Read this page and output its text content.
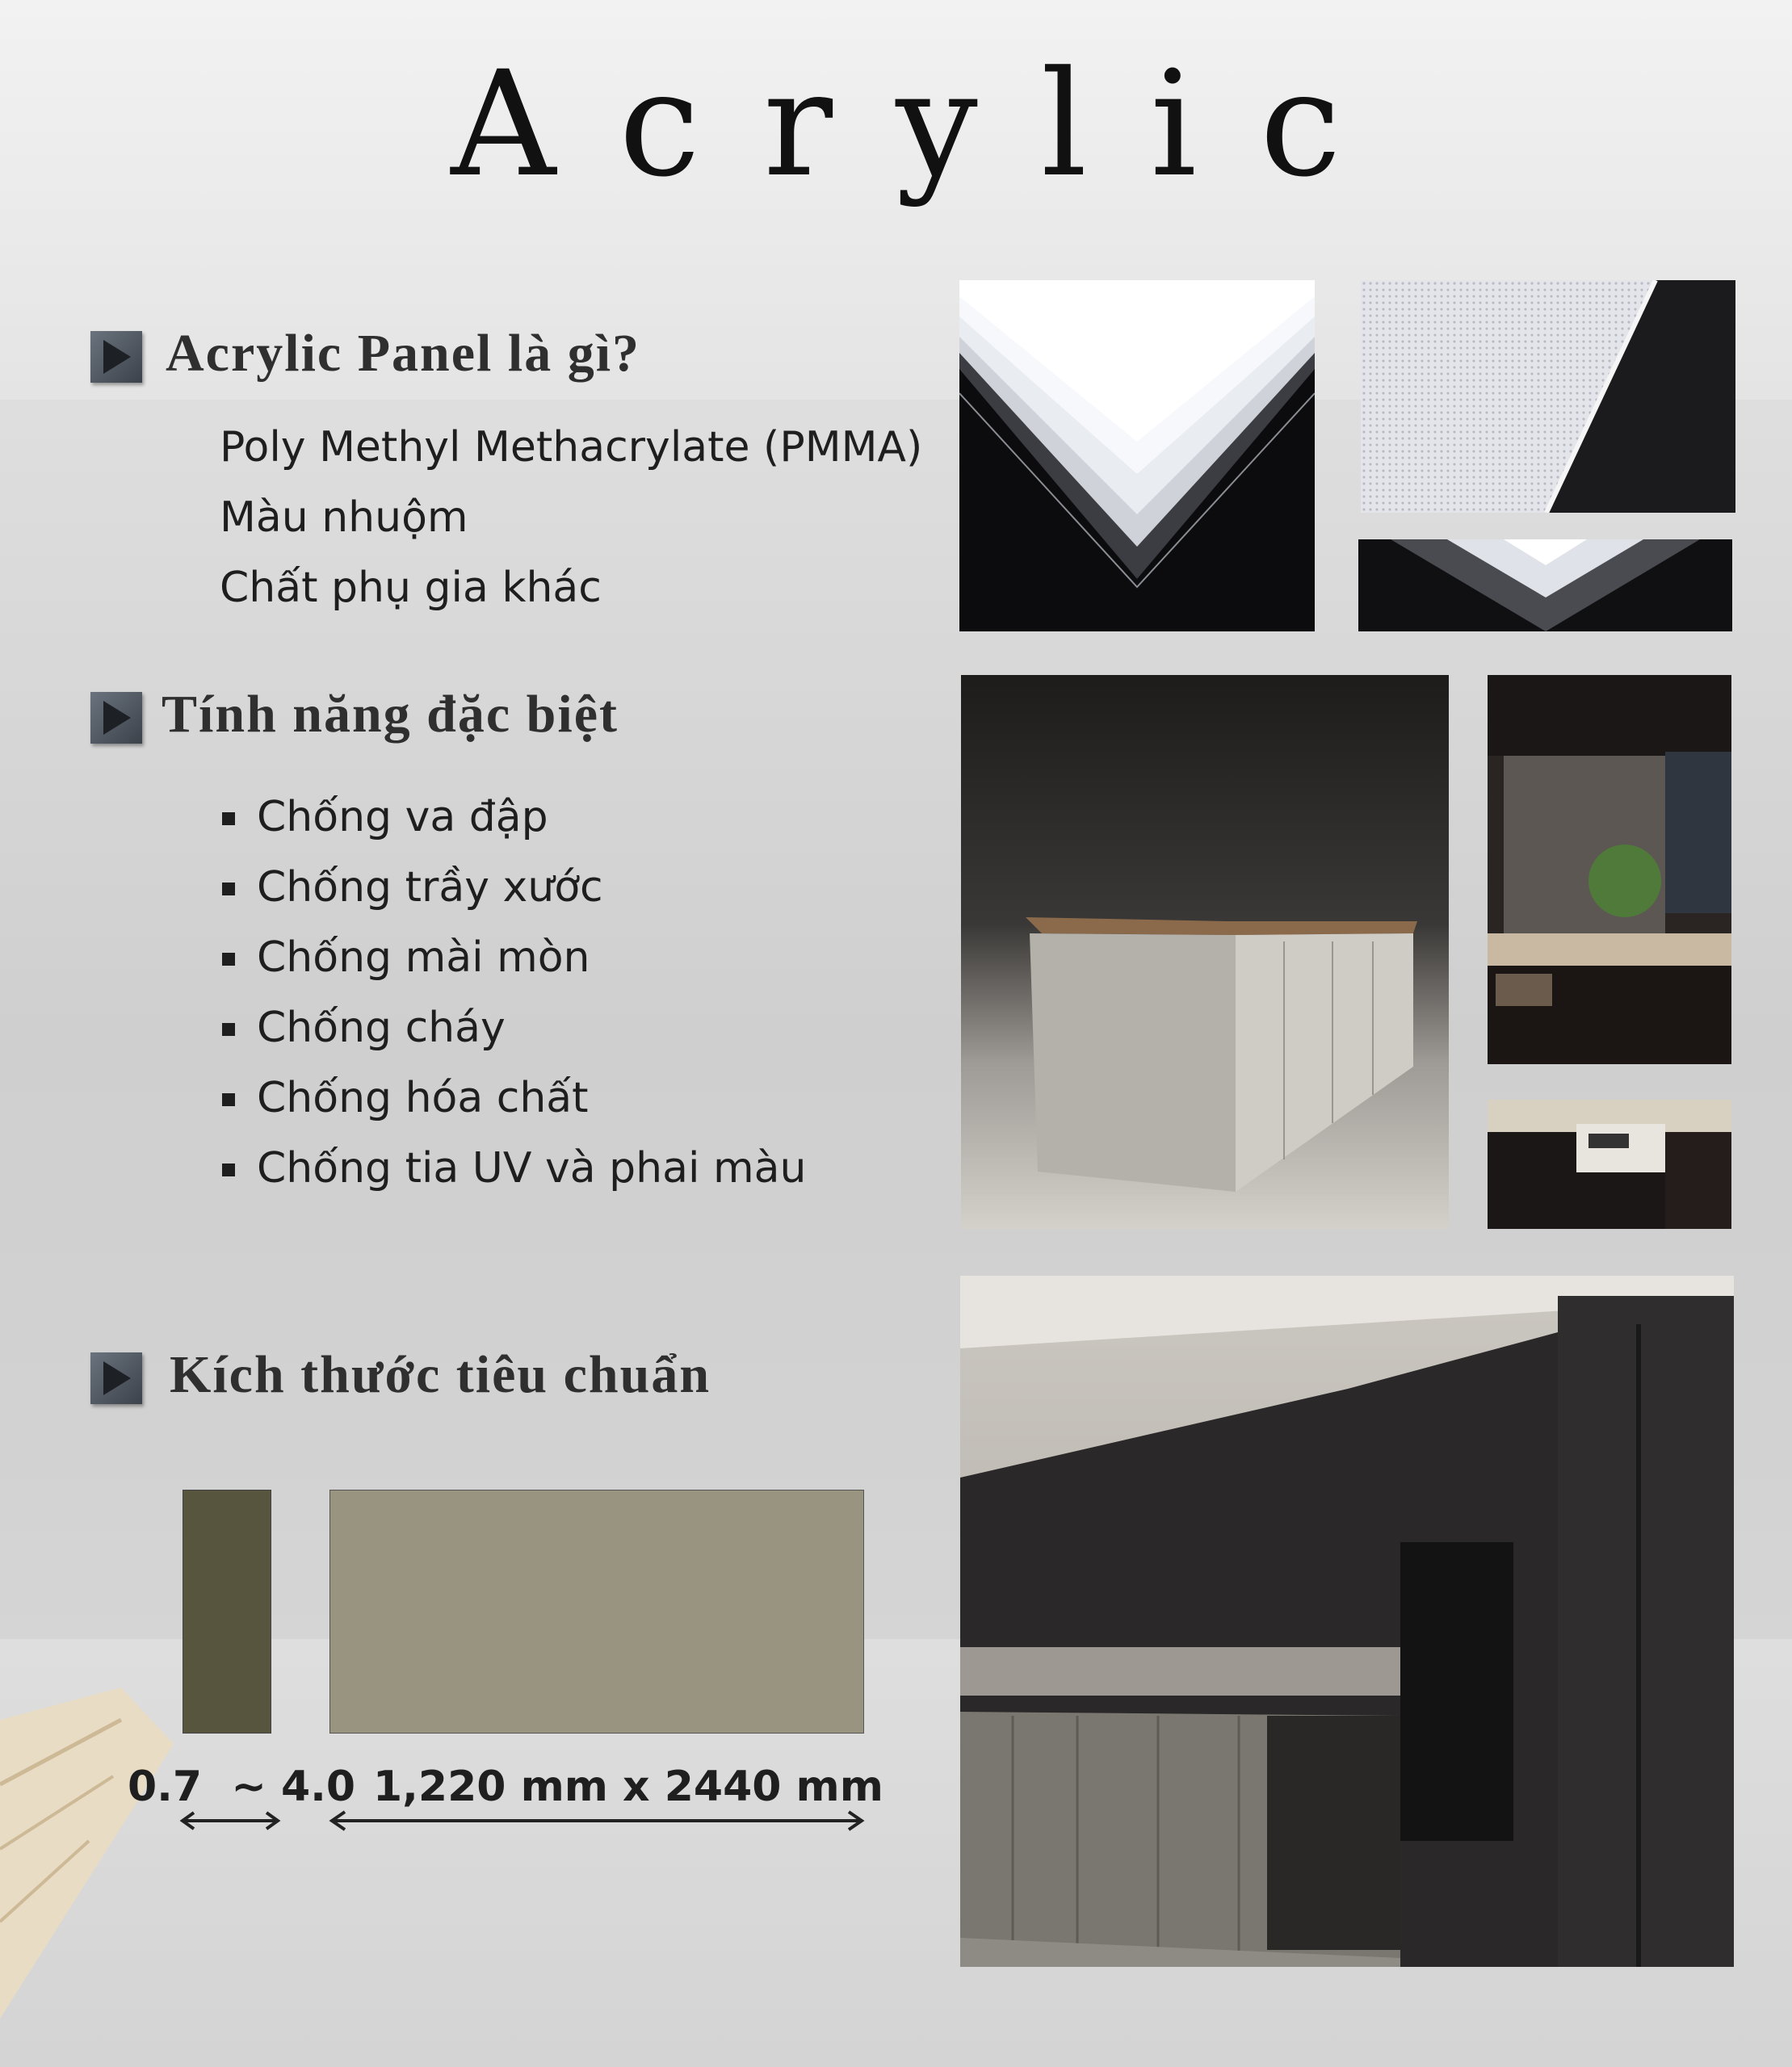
Acrylic
Acrylic Panel là gì?
Poly Methyl Methacrylate (PMMA)
Màu nhuộm
Chất phụ gia khác
Tính năng đặc biệt
Chống va đập
Chống trầy xước
Chống mài mòn
Chống cháy
Chống hóa chất
Chống tia UV và phai màu
Kích thước tiêu chuẩn
0.7  ~ 4.0 1,220 mm x 2440 mm
